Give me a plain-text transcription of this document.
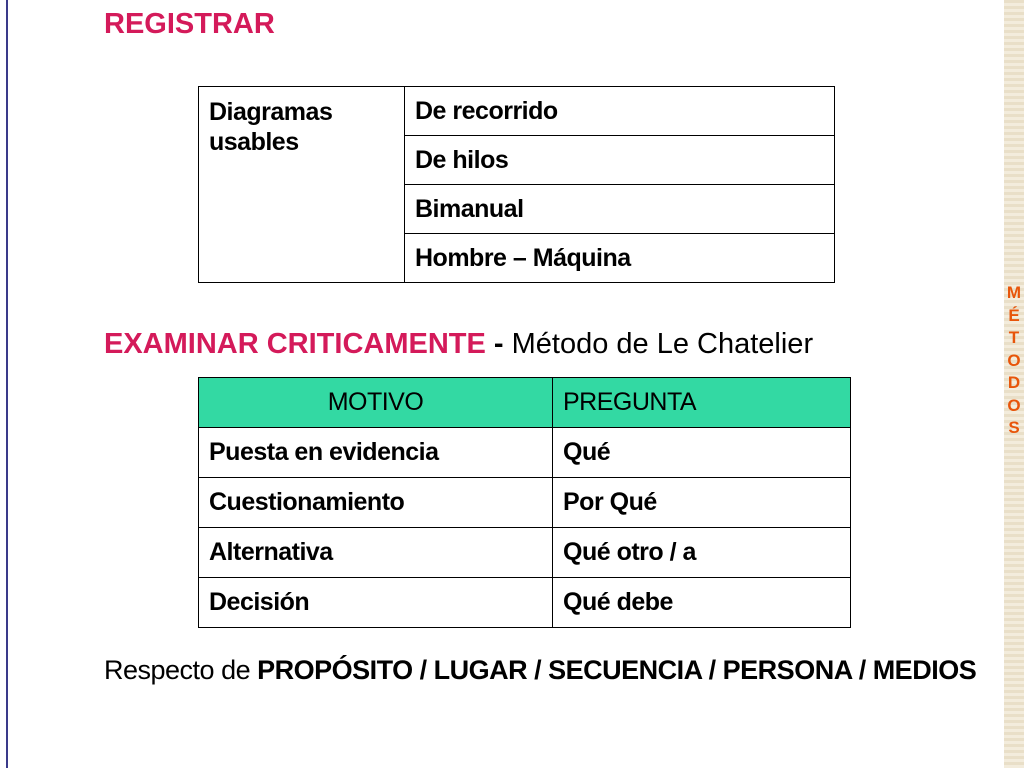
M
É
T
O
D
O
S
REGISTRAR
Diagramas usables	De recorrido
De hilos
Bimanual
Hombre – Máquina
EXAMINAR CRITICAMENTE - Método de Le Chatelier
MOTIVO	PREGUNTA
Puesta en evidencia	Qué
Cuestionamiento	Por Qué
Alternativa	Qué otro / a
Decisión	Qué debe
Respecto de PROPÓSITO / LUGAR / SECUENCIA / PERSONA / MEDIOS
